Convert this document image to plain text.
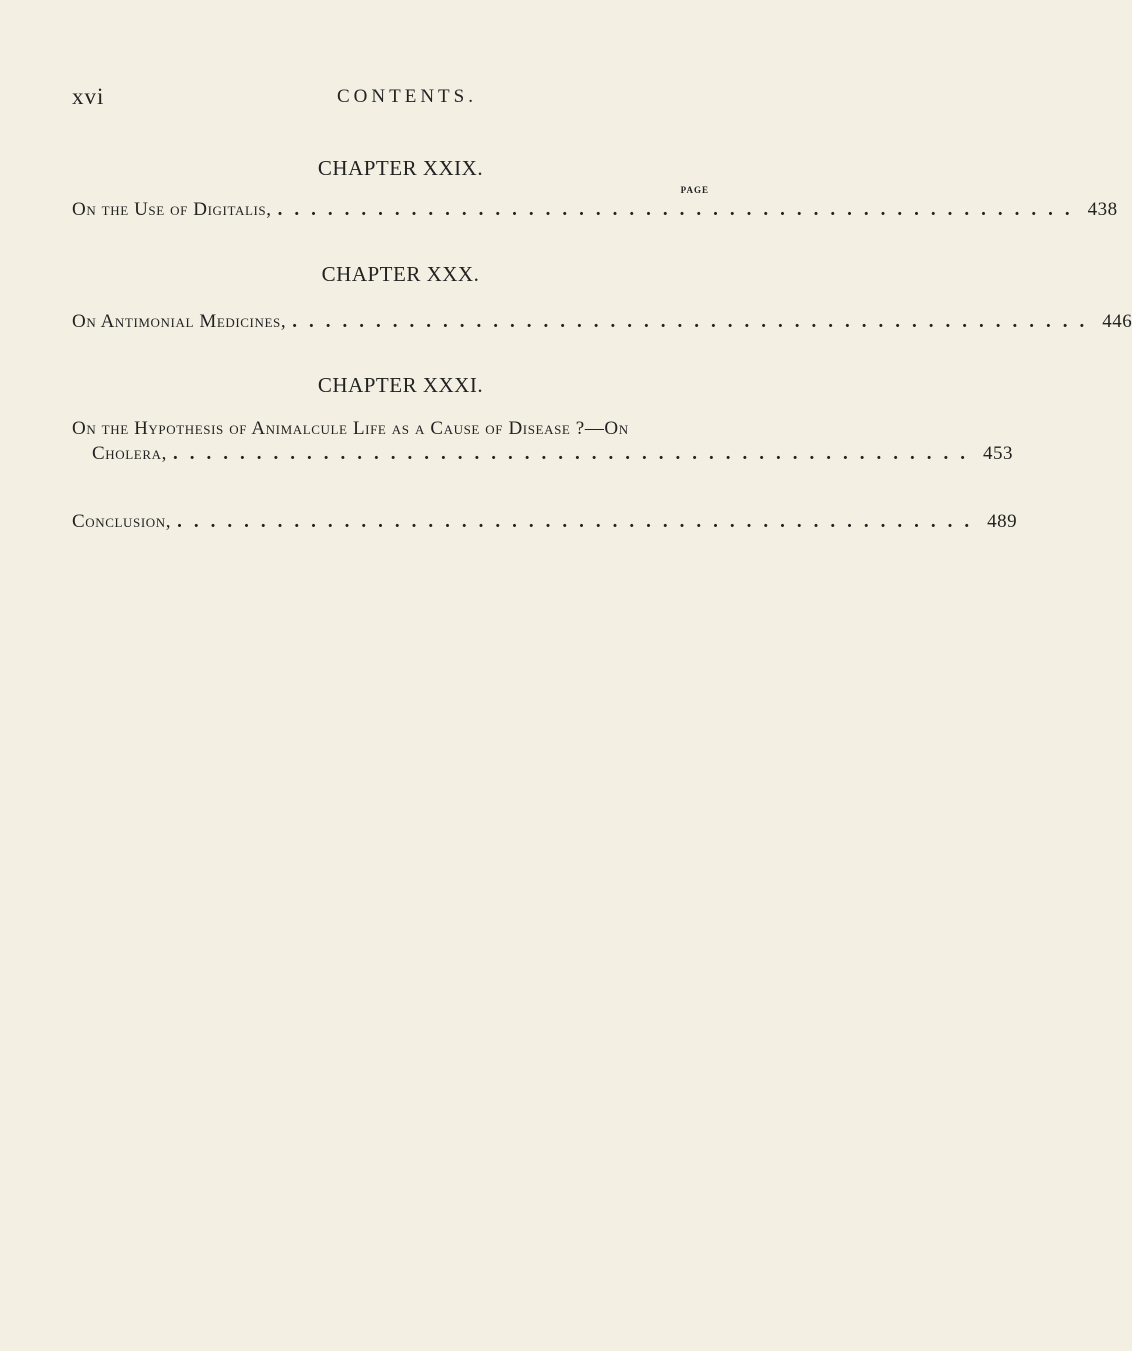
xvi	CONTENTS.
CHAPTER XXIX.
PAGE
On the Use of Digitalis, ................................................ 438
CHAPTER XXX.
On Antimonial Medicines, ................................................ 446
CHAPTER XXXI.
On the Hypothesis of Animalcule Life as a Cause of Disease ?—On
Cholera, ................................................ 453
Conclusion, ................................................ 489
